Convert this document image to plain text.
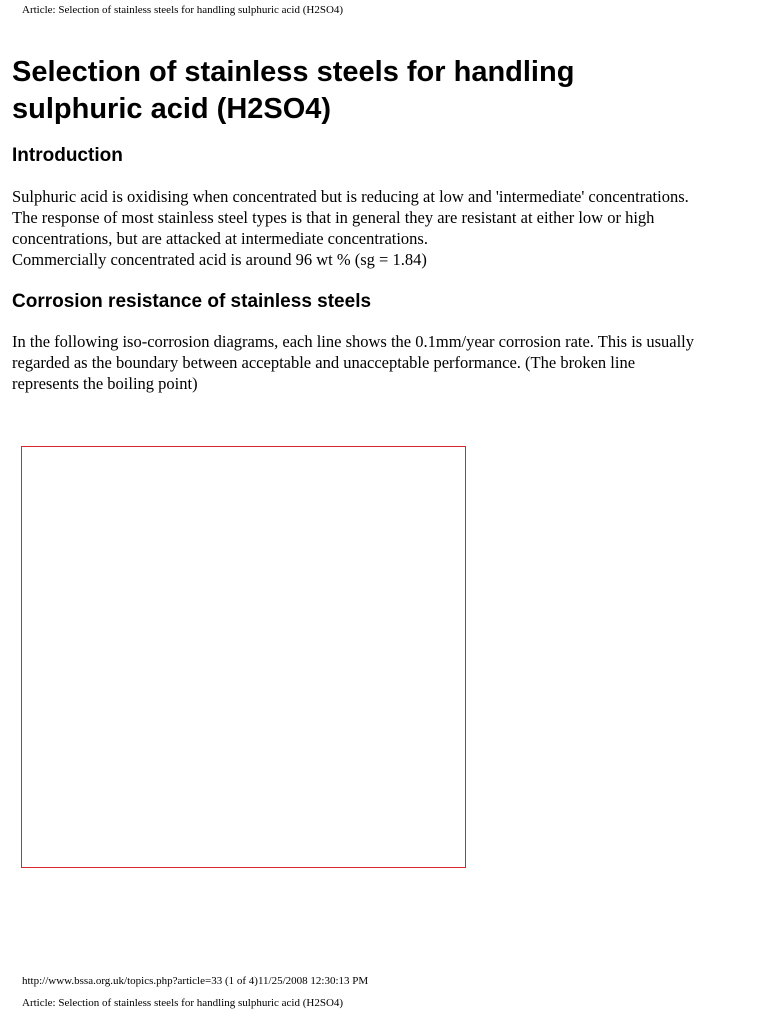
Article: Selection of stainless steels for handling sulphuric acid (H2SO4)
Selection of stainless steels for handling
sulphuric acid (H2SO4)
Introduction

Sulphuric acid is oxidising when concentrated but is reducing at low and 'intermediate' concentrations.
The response of most stainless steel types is that in general they are resistant at either low or high
concentrations, but are attacked at intermediate concentrations.
Commercially concentrated acid is around 96 wt % (sg = 1.84)

Corrosion resistance of stainless steels

In the following iso-corrosion diagrams, each line shows the 0.1mm/year corrosion rate. This is usually
regarded as the boundary between acceptable and unacceptable performance. (The broken line
represents the boiling point)

http://www.bssa.org.uk/topics.php?article=33 (1 of 4)11/25/2008 12:30:13 PM
Article: Selection of stainless steels for handling sulphuric acid (H2SO4)
